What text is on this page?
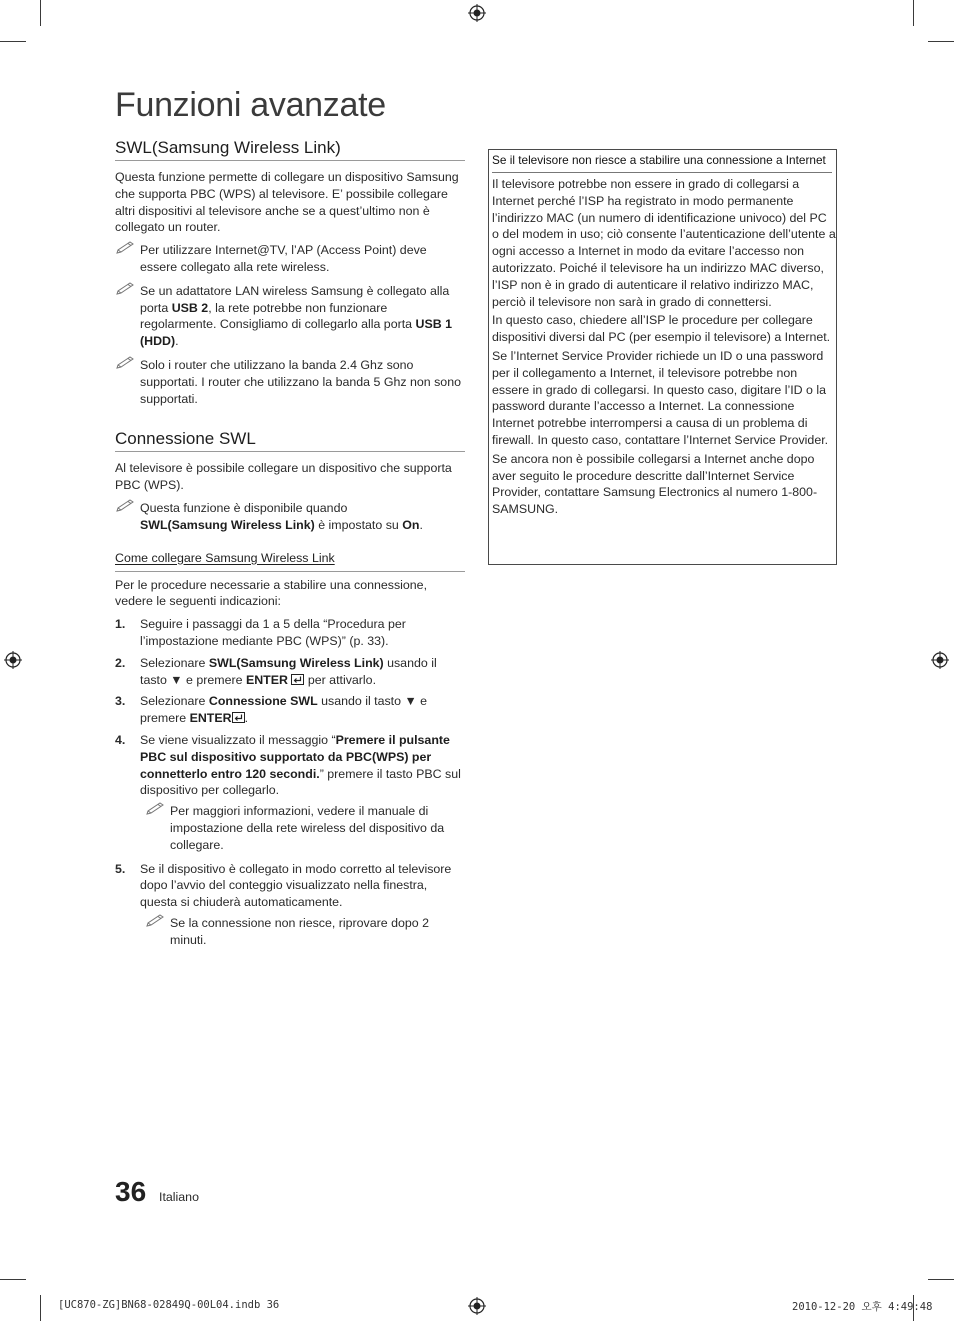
Funzioni avanzate
SWL(Samsung Wireless Link)

Questa funzione permette di collegare un dispositivo Samsung che supporta PBC (WPS) al televisore. E’ possibile collegare altri dispositivi al televisore anche se a quest’ultimo non è collegato un router.

Per utilizzare Internet@TV, l’AP (Access Point) deve essere collegato alla rete wireless.
Se un adattatore LAN wireless Samsung è collegato alla porta USB 2, la rete potrebbe non funzionare regolarmente. Consigliamo di collegarlo alla porta USB 1 (HDD).
Solo i router che utilizzano la banda 2.4 Ghz sono supportati. I router che utilizzano la banda 5 Ghz non sono supportati.
Connessione SWL

Al televisore è possibile collegare un dispositivo che supporta PBC (WPS).

Questa funzione è disponibile quando
SWL(Samsung Wireless Link) è impostato su On.
Come collegare Samsung Wireless Link

Per le procedure necessarie a stabilire una connessione, vedere le seguenti indicazioni:

1. Seguire i passaggi da 1 a 5 della “Procedura per l’impostazione mediante PBC (WPS)” (p. 33).
2. Selezionare SWL(Samsung Wireless Link) usando il tasto ▼ e premere ENTER  per attivarlo.
3. Selezionare Connessione SWL usando il tasto ▼ e premere ENTER .
4. Se viene visualizzato il messaggio “Premere il pulsante PBC sul dispositivo supportato da PBC(WPS) per connetterlo entro 120 secondi.” premere il tasto PBC sul dispositivo per collegarlo.
Per maggiori informazioni, vedere il manuale di impostazione della rete wireless del dispositivo da collegare.
5. Se il dispositivo è collegato in modo corretto al televisore dopo l’avvio del conteggio visualizzato nella finestra, questa si chiuderà automaticamente.
Se la connessione non riesce, riprovare dopo 2 minuti.
Se il televisore non riesce a stabilire una connessione a Internet

Il televisore potrebbe non essere in grado di collegarsi a Internet perché l’ISP ha registrato in modo permanente l’indirizzo MAC (un numero di identificazione univoco) del PC o del modem in uso; ciò consente l’autenticazione dell’utente a ogni accesso a Internet in modo da evitare l’accesso non autorizzato. Poiché il televisore ha un indirizzo MAC diverso, l’ISP non è in grado di autenticare il relativo indirizzo MAC, perciò il televisore non sarà in grado di connettersi.

In questo caso, chiedere all’ISP le procedure per collegare dispositivi diversi dal PC (per esempio il televisore) a Internet.

Se l’Internet Service Provider richiede un ID o una password per il collegamento a Internet, il televisore potrebbe non essere in grado di collegarsi. In questo caso, digitare l’ID o la password durante l’accesso a Internet. La connessione Internet potrebbe interrompersi a causa di un problema di firewall. In questo caso, contattare l’Internet Service Provider.

Se ancora non è possibile collegarsi a Internet anche dopo aver seguito le procedure descritte dall’Internet Service Provider, contattare Samsung Electronics al numero 1-800-SAMSUNG.

36 Italiano
[UC870-ZG]BN68-02849Q-00L04.indb 36	2010-12-20 오후 4:49:48
